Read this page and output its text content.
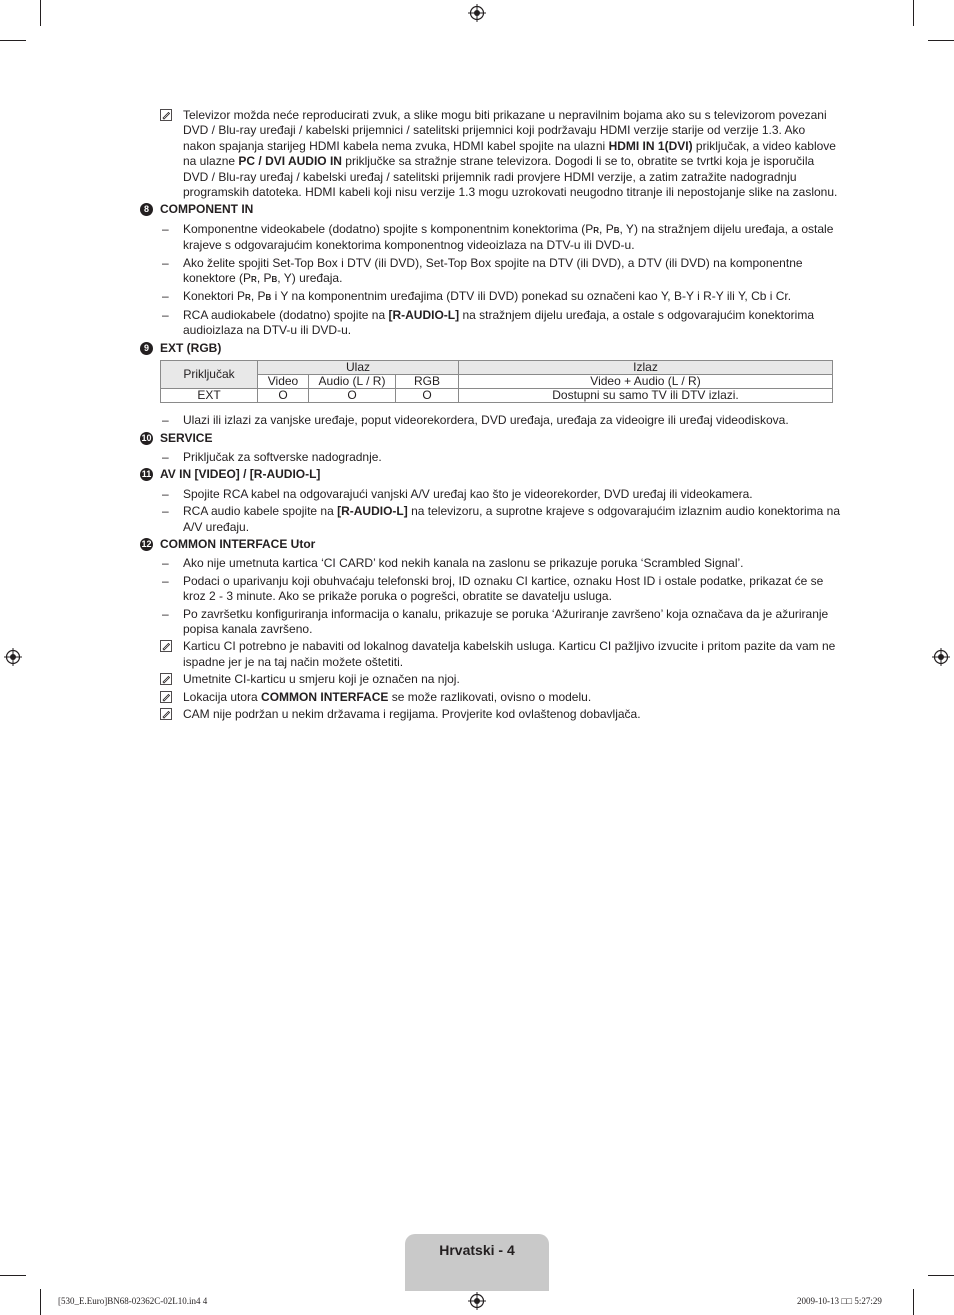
Televizor možda neće reproducirati zvuk, a slike mogu biti prikazane u nepravilnim bojama ako su s televizorom povezani DVD / Blu-ray uređaji / kabelski prijemnici / satelitski prijemnici koji podržavaju HDMI verzije starije od verzije 1.3. Ako nakon spajanja starijeg HDMI kabela nema zvuka, HDMI kabel spojite na ulazni HDMI IN 1(DVI) priključak, a video kablove na ulazne PC / DVI AUDIO IN priključke sa stražnje strane televizora. Dogodi li se to, obratite se tvrtki koja je isporučila DVD / Blu-ray uređaj / kabelski uređaj / satelitski prijemnik radi provjere HDMI verzije, a zatim zatražite nadogradnju programskih datoteka. HDMI kabeli koji nisu verzije 1.3 mogu uzrokovati neugodno titranje ili nepostojanje slike na zaslonu.
8 COMPONENT IN
– Komponentne videokabele (dodatno) spojite s komponentnim konektorima (PR, PB, Y) na stražnjem dijelu uređaja, a ostale krajeve s odgovarajućim konektorima komponentnog videoizlaza na DTV-u ili DVD-u.
– Ako želite spojiti Set-Top Box i DTV (ili DVD), Set-Top Box spojite na DTV (ili DVD), a DTV (ili DVD) na komponentne konektore (PR, PB, Y) uređaja.
– Konektori PR, PB i Y na komponentnim uređajima (DTV ili DVD) ponekad su označeni kao Y, B-Y i R-Y ili Y, Cb i Cr.
– RCA audiokabele (dodatno) spojite na [R-AUDIO-L] na stražnjem dijelu uređaja, a ostale s odgovarajućim konektorima audioizlaza na DTV-u ili DVD-u.
9 EXT (RGB)
Priključak	Ulaz			Izlaz
	Video	Audio (L / R)	RGB	Video + Audio (L / R)
EXT	O	O	O	Dostupni su samo TV ili DTV izlazi.
– Ulazi ili izlazi za vanjske uređaje, poput videorekordera, DVD uređaja, uređaja za videoigre ili uređaj videodiskova.
10 SERVICE
– Priključak za softverske nadogradnje.
11 AV IN [VIDEO] / [R-AUDIO-L]
– Spojite RCA kabel na odgovarajući vanjski A/V uređaj kao što je videorekorder, DVD uređaj ili videokamera.
– RCA audio kabele spojite na [R-AUDIO-L] na televizoru, a suprotne krajeve s odgovarajućim izlaznim audio konektorima na A/V uređaju.
12 COMMON INTERFACE Utor
– Ako nije umetnuta kartica ‘CI CARD’ kod nekih kanala na zaslonu se prikazuje poruka ‘Scrambled Signal’.
– Podaci o uparivanju koji obuhvaćaju telefonski broj, ID oznaku CI kartice, oznaku Host ID i ostale podatke, prikazat će se kroz 2 - 3 minute. Ako se prikaže poruka o pogrešci, obratite se davatelju usluga.
– Po završetku konfiguriranja informacija o kanalu, prikazuje se poruka ‘Ažuriranje završeno’ koja označava da je ažuriranje popisa kanala završeno.
Karticu CI potrebno je nabaviti od lokalnog davatelja kabelskih usluga. Karticu CI pažljivo izvucite i pritom pazite da vam ne ispadne jer je na taj način možete oštetiti.
Umetnite CI-karticu u smjeru koji je označen na njoj.
Lokacija utora COMMON INTERFACE se može razlikovati, ovisno o modelu.
CAM nije podržan u nekim državama i regijama. Provjerite kod ovlaštenog dobavljača.
Hrvatski - 4
[530_E.Euro]BN68-02362C-02L10.in4 4	2009-10-13 □□ 5:27:29
